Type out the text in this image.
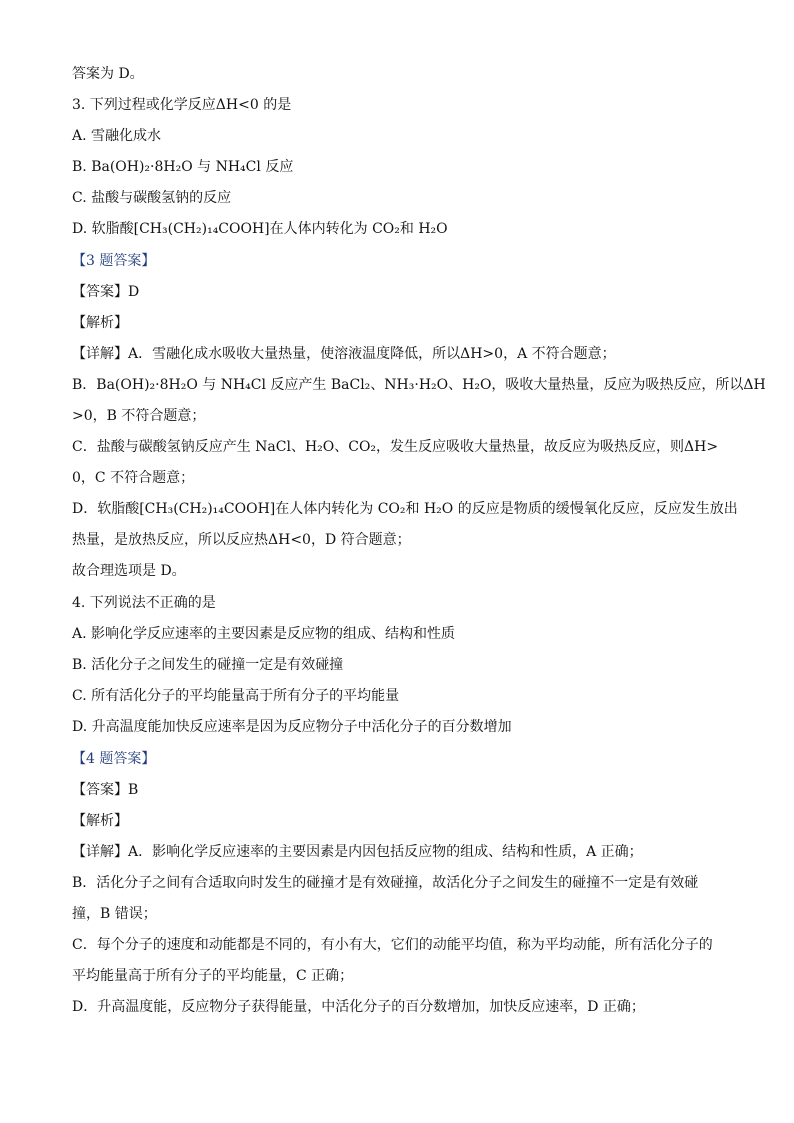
答案为 D。
3. 下列过程或化学反应ΔH<0 的是
A. 雪融化成水
B. Ba(OH)₂·8H₂O 与 NH₄Cl 反应
C. 盐酸与碳酸氢钠的反应
D. 软脂酸[CH₃(CH₂)₁₄COOH]在人体内转化为 CO₂和 H₂O
【3 题答案】
【答案】D
【解析】
【详解】A．雪融化成水吸收大量热量，使溶液温度降低，所以ΔH>0，A 不符合题意；
B．Ba(OH)₂·8H₂O 与 NH₄Cl 反应产生 BaCl₂、NH₃·H₂O、H₂O，吸收大量热量，反应为吸热反应，所以ΔH
>0，B 不符合题意；
C．盐酸与碳酸氢钠反应产生 NaCl、H₂O、CO₂，发生反应吸收大量热量，故反应为吸热反应，则ΔH>
0，C 不符合题意；
D．软脂酸[CH₃(CH₂)₁₄COOH]在人体内转化为 CO₂和 H₂O 的反应是物质的缓慢氧化反应，反应发生放出
热量，是放热反应，所以反应热ΔH<0，D 符合题意；
故合理选项是 D。
4. 下列说法不正确的是
A. 影响化学反应速率的主要因素是反应物的组成、结构和性质
B. 活化分子之间发生的碰撞一定是有效碰撞
C. 所有活化分子的平均能量高于所有分子的平均能量
D. 升高温度能加快反应速率是因为反应物分子中活化分子的百分数增加
【4 题答案】
【答案】B
【解析】
【详解】A．影响化学反应速率的主要因素是内因包括反应物的组成、结构和性质，A 正确；
B．活化分子之间有合适取向时发生的碰撞才是有效碰撞，故活化分子之间发生的碰撞不一定是有效碰
撞，B 错误；
C．每个分子的速度和动能都是不同的，有小有大，它们的动能平均值，称为平均动能，所有活化分子的
平均能量高于所有分子的平均能量，C 正确；
D．升高温度能，反应物分子获得能量，中活化分子的百分数增加，加快反应速率，D 正确；
